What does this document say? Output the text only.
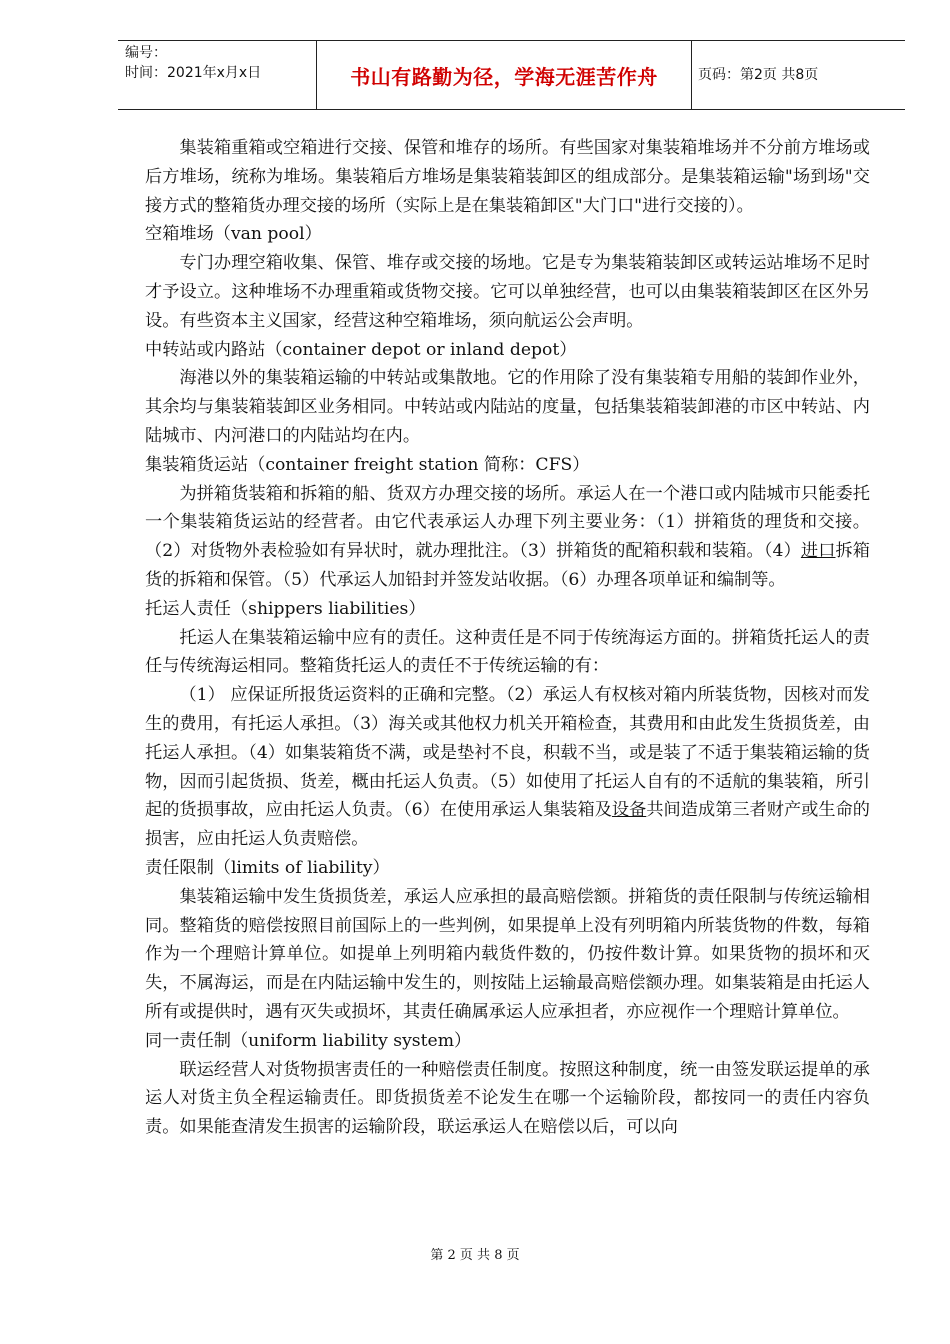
编号：
时间：2021年x月x日	书山有路勤为径，学海无涯苦作舟	页码：第2页 共8页

集装箱重箱或空箱进行交接、保管和堆存的场所。有些国家对集装箱堆场并不分前方堆场或后方堆场，统称为堆场。集装箱后方堆场是集装箱装卸区的组成部分。是集装箱运输"场到场"交接方式的整箱货办理交接的场所（实际上是在集装箱卸区"大门口"进行交接的）。

空箱堆场（van pool）

专门办理空箱收集、保管、堆存或交接的场地。它是专为集装箱装卸区或转运站堆场不足时才予设立。这种堆场不办理重箱或货物交接。它可以单独经营，也可以由集装箱装卸区在区外另设。有些资本主义国家，经营这种空箱堆场，须向航运公会声明。

中转站或内路站（container depot or inland depot）

海港以外的集装箱运输的中转站或集散地。它的作用除了没有集装箱专用船的装卸作业外，其余均与集装箱装卸区业务相同。中转站或内陆站的度量，包括集装箱装卸港的市区中转站、内陆城市、内河港口的内陆站均在内。

集装箱货运站（container freight station 简称：CFS）

为拼箱货装箱和拆箱的船、货双方办理交接的场所。承运人在一个港口或内陆城市只能委托一个集装箱货运站的经营者。由它代表承运人办理下列主要业务：（1）拼箱货的理货和交接。（2）对货物外表检验如有异状时，就办理批注。（3）拼箱货的配箱积载和装箱。（4）进口拆箱货的拆箱和保管。（5）代承运人加铅封并签发站收据。（6）办理各项单证和编制等。

托运人责任（shippers liabilities）

托运人在集装箱运输中应有的责任。这种责任是不同于传统海运方面的。拼箱货托运人的责任与传统海运相同。整箱货托运人的责任不于传统运输的有：

（1） 应保证所报货运资料的正确和完整。（2）承运人有权核对箱内所装货物，因核对而发生的费用，有托运人承担。（3）海关或其他权力机关开箱检查，其费用和由此发生货损货差，由托运人承担。（4）如集装箱货不满，或是垫衬不良，积载不当，或是装了不适于集装箱运输的货物，因而引起货损、货差，概由托运人负责。（5）如使用了托运人自有的不适航的集装箱，所引起的货损事故，应由托运人负责。（6）在使用承运人集装箱及设备共间造成第三者财产或生命的损害，应由托运人负责赔偿。

责任限制（limits of liability）

集装箱运输中发生货损货差，承运人应承担的最高赔偿额。拼箱货的责任限制与传统运输相同。整箱货的赔偿按照目前国际上的一些判例，如果提单上没有列明箱内所装货物的件数，每箱作为一个理赔计算单位。如提单上列明箱内载货件数的，仍按件数计算。如果货物的损坏和灭失，不属海运，而是在内陆运输中发生的，则按陆上运输最高赔偿额办理。如集装箱是由托运人所有或提供时，遇有灭失或损坏，其责任确属承运人应承担者，亦应视作一个理赔计算单位。

同一责任制（uniform liability system）

联运经营人对货物损害责任的一种赔偿责任制度。按照这种制度，统一由签发联运提单的承运人对货主负全程运输责任。即货损货差不论发生在哪一个运输阶段，都按同一的责任内容负责。如果能查清发生损害的运输阶段，联运承运人在赔偿以后，可以向

第 2 页 共 8 页
